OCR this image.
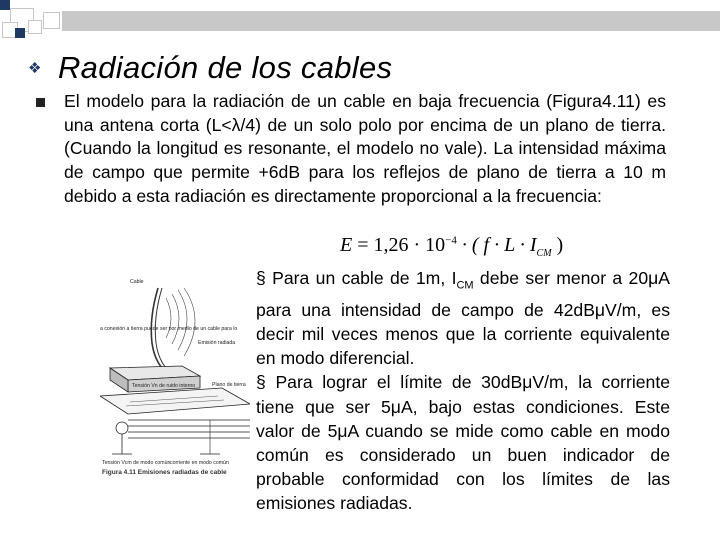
❖ Radiación de los cables
El modelo para la radiación de un cable en baja frecuencia (Figura4.11) es una antena corta (L<λ/4) de un solo polo por encima de un plano de tierra. (Cuando la longitud es resonante, el modelo no vale). La intensidad máxima de campo que permite +6dB para los reflejos de plano de tierra a 10 m debido a esta radiación es directamente proporcional a la frecuencia:
$E = 1,26 \cdot 10^{-4}$ · ( $f \cdot L \cdot I_{CM}$ )
Cable
a conexión a tierra puede ser por medio de un cable para lo
Emisión radiada
Tensión Vn de ruido interno	Plano de tierra
Tensión Vcm de modo común corriente en modo común
Figura 4.11 Emisiones radiadas de cable
§ Para un cable de 1m, $I_{CM}$ debe ser menor a 20μA para una intensidad de campo de 42dBμV/m, es decir mil veces menos que la corriente equivalente en modo diferencial.
§ Para lograr el límite de 30dBμV/m, la corriente tiene que ser 5μA, bajo estas condiciones. Este valor de 5μA cuando se mide como cable en modo común es considerado un buen indicador de probable conformidad con los límites de las emisiones radiadas.
